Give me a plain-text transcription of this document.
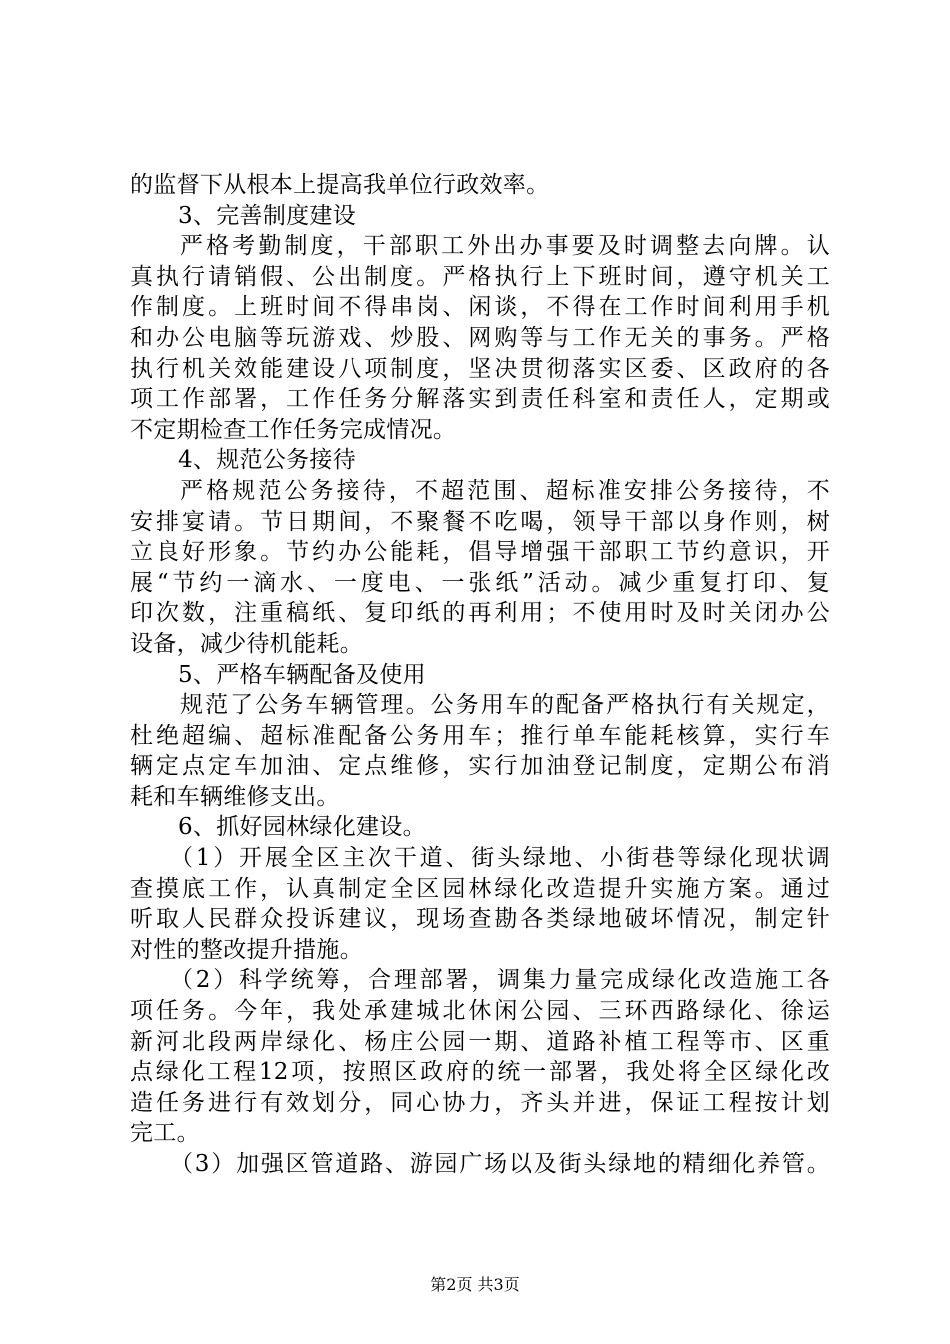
的监督下从根本上提高我单位行政效率。
3、完善制度建设
严格考勤制度，干部职工外出办事要及时调整去向牌。认
真执行请销假、公出制度。严格执行上下班时间，遵守机关工
作制度。上班时间不得串岗、闲谈，不得在工作时间利用手机
和办公电脑等玩游戏、炒股、网购等与工作无关的事务。严格
执行机关效能建设八项制度，坚决贯彻落实区委、区政府的各
项工作部署，工作任务分解落实到责任科室和责任人，定期或
不定期检查工作任务完成情况。
4、规范公务接待
严格规范公务接待，不超范围、超标准安排公务接待，不
安排宴请。节日期间，不聚餐不吃喝，领导干部以身作则，树
立良好形象。节约办公能耗，倡导增强干部职工节约意识，开
展“节约一滴水、一度电、一张纸”活动。减少重复打印、复
印次数，注重稿纸、复印纸的再利用；不使用时及时关闭办公
设备，减少待机能耗。
5、严格车辆配备及使用
规范了公务车辆管理。公务用车的配备严格执行有关规定，
杜绝超编、超标准配备公务用车；推行单车能耗核算，实行车
辆定点定车加油、定点维修，实行加油登记制度，定期公布消
耗和车辆维修支出。
6、抓好园林绿化建设。
（1）开展全区主次干道、街头绿地、小街巷等绿化现状调
查摸底工作，认真制定全区园林绿化改造提升实施方案。通过
听取人民群众投诉建议，现场查勘各类绿地破坏情况，制定针
对性的整改提升措施。
（2）科学统筹，合理部署，调集力量完成绿化改造施工各
项任务。今年，我处承建城北休闲公园、三环西路绿化、徐运
新河北段两岸绿化、杨庄公园一期、道路补植工程等市、区重
点绿化工程12项，按照区政府的统一部署，我处将全区绿化改
造任务进行有效划分，同心协力，齐头并进，保证工程按计划
完工。
（3）加强区管道路、游园广场以及街头绿地的精细化养管。
第2页 共3页
